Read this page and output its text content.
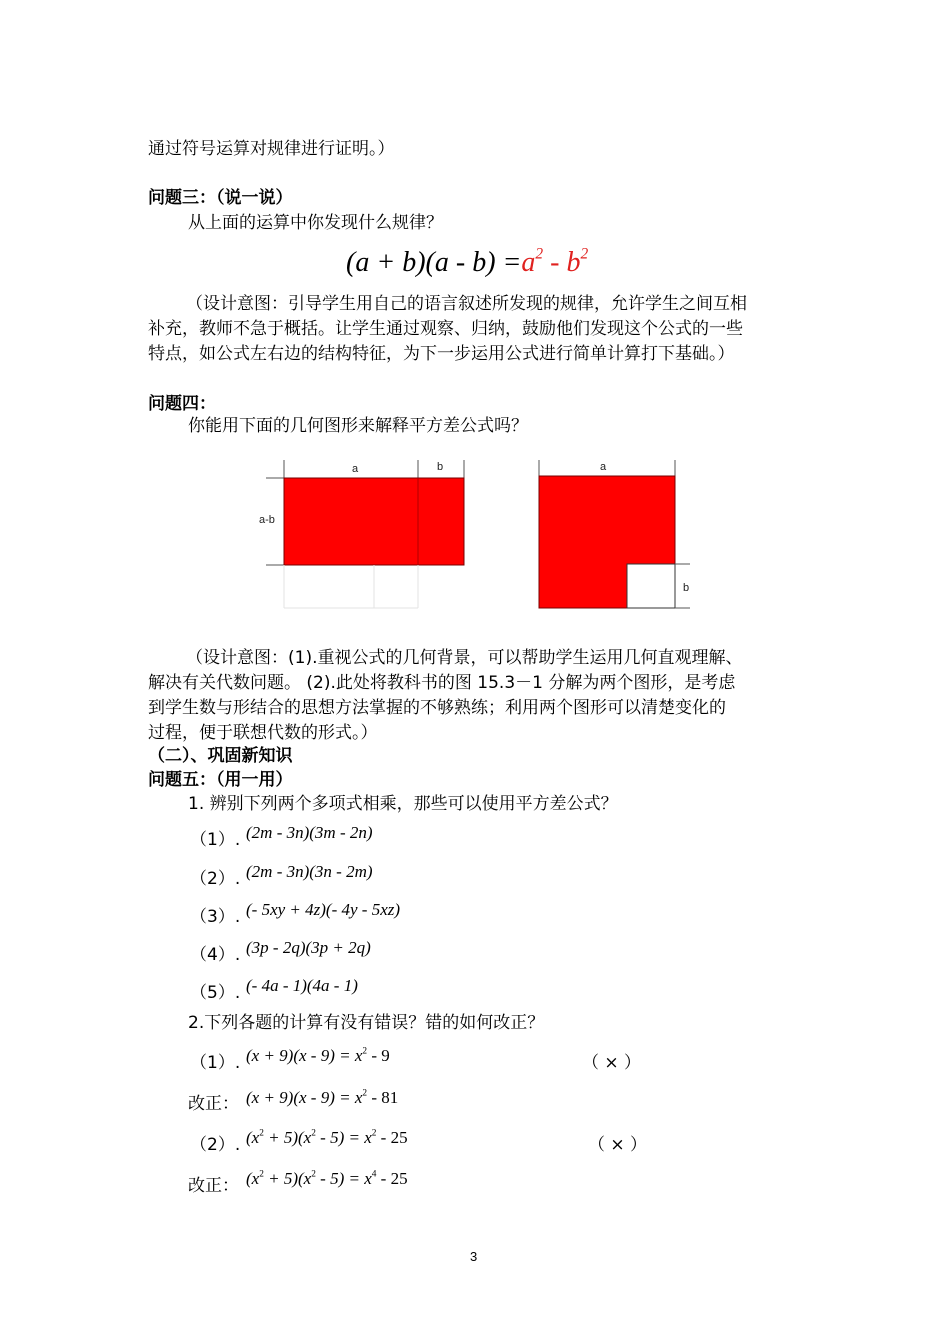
通过符号运算对规律进行证明。）
问题三：（说一说）
从上面的运算中你发现什么规律？
$(a + b)(a - b) =a^2 - b^2$
（设计意图：引导学生用自己的语言叙述所发现的规律，允许学生之间互相
补充，教师不急于概括。让学生通过观察、归纳，鼓励他们发现这个公式的一些
特点，如公式左右边的结构特征，为下一步运用公式进行简单计算打下基础。）
问题四：
你能用下面的几何图形来解释平方差公式吗？
a	b
a-b
a
b
（设计意图：(1).重视公式的几何背景，可以帮助学生运用几何直观理解、
解决有关代数问题。 (2).此处将教科书的图 15.3－1 分解为两个图形，是考虑
到学生数与形结合的思想方法掌握的不够熟练；利用两个图形可以清楚变化的
过程，便于联想代数的形式。）
（二）、巩固新知识
问题五：（用一用）
1. 辨别下列两个多项式相乘，那些可以使用平方差公式？
（1）. (2m - 3n)(3m - 2n)
（2）. (2m - 3n)(3n - 2m)
（3）. (- 5xy + 4z)(- 4y - 5xz)
（4）. (3p - 2q)(3p + 2q)
（5）. (- 4a - 1)(4a - 1)
2.下列各题的计算有没有错误？错的如何改正？
（1）. $(x + 9)(x - 9) = x^2 - 9$	（ × ）
改正： $(x + 9)(x - 9) = x^2 - 81$
（2）. $(x^2 + 5)(x^2 - 5) = x^2 - 25$	（ × ）
改正： $(x^2 + 5)(x^2 - 5) = x^4 - 25$
3
